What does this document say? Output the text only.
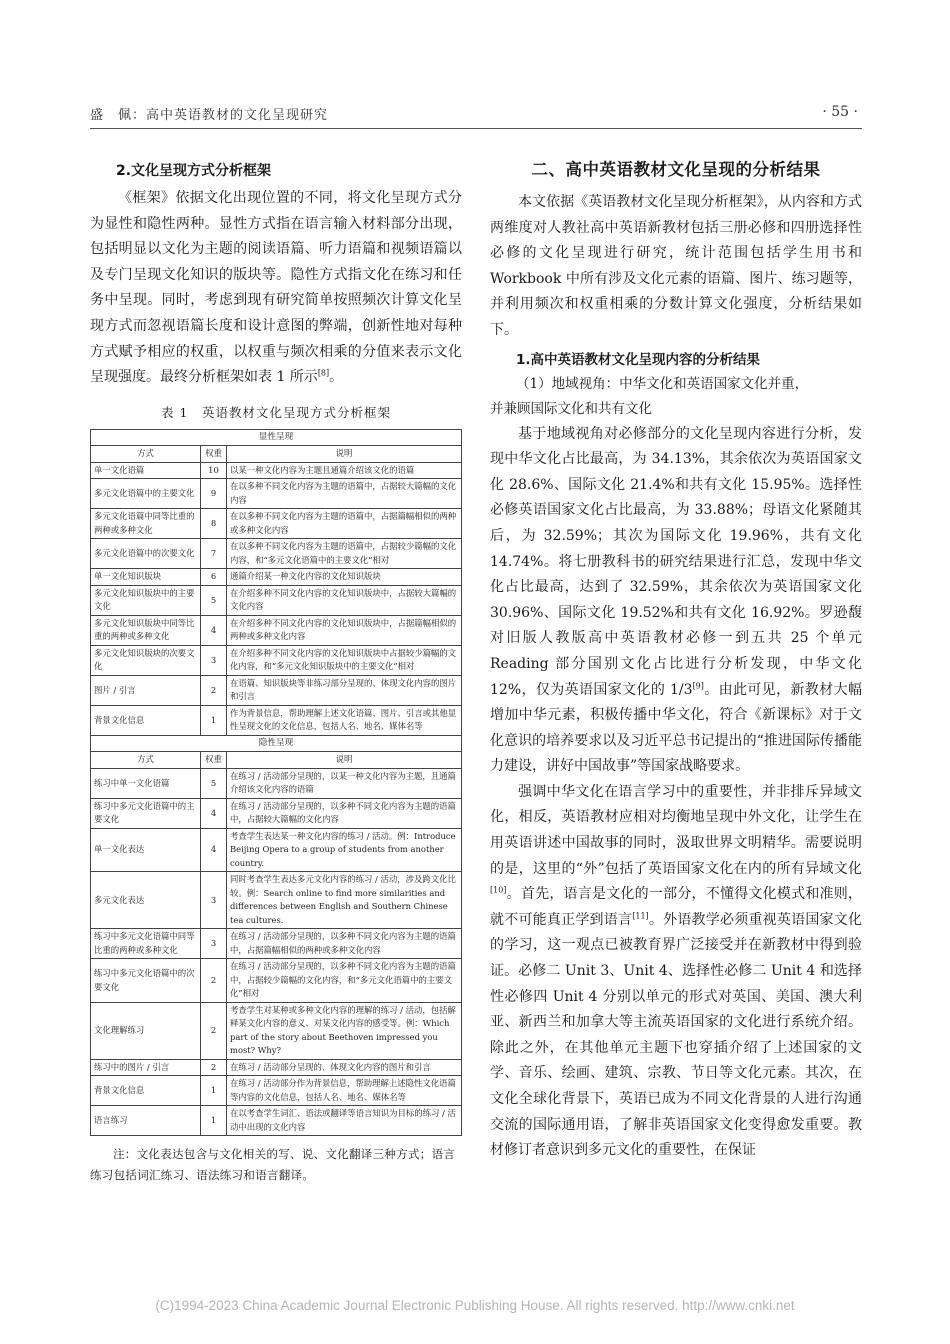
盛　佩：高中英语教材的文化呈现研究	· 55 ·
2.文化呈现方式分析框架

《框架》依据文化出现位置的不同，将文化呈现方式分为显性和隐性两种。显性方式指在语言输入材料部分出现，包括明显以文化为主题的阅读语篇、听力语篇和视频语篇以及专门呈现文化知识的版块等。隐性方式指文化在练习和任务中呈现。同时，考虑到现有研究简单按照频次计算文化呈现方式而忽视语篇长度和设计意图的弊端，创新性地对每种方式赋予相应的权重，以权重与频次相乘的分值来表示文化呈现强度。最终分析框架如表 1 所示[8]。

表 1　英语教材文化呈现方式分析框架
显性呈现		
方式	权重	说明
单一文化语篇	10	以某一种文化内容为主题且通篇介绍该文化的语篇
多元文化语篇中的主要文化	9	在以多种不同文化内容为主题的语篇中，占据较大篇幅的文化内容
多元文化语篇中同等比重的两种或多种文化	8	在以多种不同文化内容为主题的语篇中，占据篇幅相似的两种或多种文化内容
多元文化语篇中的次要文化	7	在以多种不同文化内容为主题的语篇中，占据较少篇幅的文化内容，和“多元文化语篇中的主要文化”相对
单一文化知识版块	6	通篇介绍某一种文化内容的文化知识版块
多元文化知识版块中的主要文化	5	在介绍多种不同文化内容的文化知识版块中，占据较大篇幅的文化内容
多元文化知识版块中同等比重的两种或多种文化	4	在介绍多种不同文化内容的文化知识版块中，占据篇幅相似的两种或多种文化内容
多元文化知识版块的次要文化	3	在介绍多种不同文化内容的文化知识版块中占据较少篇幅的文化内容，和“多元文化知识版块中的主要文化”相对
图片 / 引言	2	在语篇、知识版块等非练习部分呈现的、体现文化内容的图片和引言
背景文化信息	1	作为背景信息，帮助理解上述文化语篇、图片、引言或其他显性呈现文化的文化信息，包括人名、地名、媒体名等
隐性呈现		
方式	权重	说明
练习中单一文化语篇	5	在练习 / 活动部分呈现的，以某一种文化内容为主题，且通篇介绍该文化内容的语篇
练习中多元文化语篇中的主要文化	4	在练习 / 活动部分呈现的，以多种不同文化内容为主题的语篇中，占据较大篇幅的文化内容
单一文化表达	4	考查学生表达某一种文化内容的练习 / 活动。例：Introduce Beijing Opera to a group of students from another country.
多元文化表达	3	同时考查学生表达多元文化内容的练习 / 活动，涉及跨文化比较。例：Search online to find more similarities and differences between English and Southern Chinese tea cultures.
练习中多元文化语篇中同等比重的两种或多种文化	3	在练习 / 活动部分呈现的，以多种不同文化内容为主题的语篇中，占据篇幅相似的两种或多种文化内容
练习中多元文化语篇中的次要文化	2	在练习 / 活动部分呈现的，以多种不同文化内容为主题的语篇中，占据较少篇幅的文化内容，和“多元文化语篇中的主要文化”相对
文化理解练习	2	考查学生对某种或多种文化内容的理解的练习 / 活动，包括解释某文化内容的意义、对某文化内容的感受等。例：Which part of the story about Beethoven impressed you most? Why?
练习中的图片 / 引言	2	在练习 / 活动部分呈现的、体现文化内容的图片和引言
背景文化信息	1	在练习 / 活动部分作为背景信息，帮助理解上述隐性文化语篇等内容的文化信息，包括人名、地名、媒体名等
语言练习	1	在以考查学生词汇、语法或翻译等语言知识为目标的练习 / 活动中出现的文化内容
注：文化表达包含与文化相关的写、说、文化翻译三种方式；语言练习包括词汇练习、语法练习和语言翻译。
二、高中英语教材文化呈现的分析结果

本文依据《英语教材文化呈现分析框架》，从内容和方式两维度对人教社高中英语新教材包括三册必修和四册选择性必修的文化呈现进行研究，统计范围包括学生用书和 Workbook 中所有涉及文化元素的语篇、图片、练习题等，并利用频次和权重相乘的分数计算文化强度，分析结果如下。

1.高中英语教材文化呈现内容的分析结果

（1）地域视角：中华文化和英语国家文化并重，

并兼顾国际文化和共有文化

基于地域视角对必修部分的文化呈现内容进行分析，发现中华文化占比最高，为 34.13%，其余依次为英语国家文化 28.6%、国际文化 21.4%和共有文化 15.95%。选择性必修英语国家文化占比最高，为 33.88%；母语文化紧随其后，为 32.59%；其次为国际文化 19.96%，共有文化 14.74%。将七册教科书的研究结果进行汇总，发现中华文化占比最高，达到了 32.59%，其余依次为英语国家文化 30.96%、国际文化 19.52%和共有文化 16.92%。罗逊馥对旧版人教版高中英语教材必修一到五共 25 个单元 Reading 部分国别文化占比进行分析发现，中华文化 12%，仅为英语国家文化的 1/3[9]。由此可见，新教材大幅增加中华元素，积极传播中华文化，符合《新课标》对于文化意识的培养要求以及习近平总书记提出的“推进国际传播能力建设，讲好中国故事”等国家战略要求。

强调中华文化在语言学习中的重要性，并非排斥异域文化，相反，英语教材应相对均衡地呈现中外文化，让学生在用英语讲述中国故事的同时，汲取世界文明精华。需要说明的是，这里的“外”包括了英语国家文化在内的所有异域文化[10]。首先，语言是文化的一部分，不懂得文化模式和准则，就不可能真正学到语言[11]。外语教学必须重视英语国家文化的学习，这一观点已被教育界广泛接受并在新教材中得到验证。必修二 Unit 3、Unit 4、选择性必修二 Unit 4 和选择性必修四 Unit 4 分别以单元的形式对英国、美国、澳大利亚、新西兰和加拿大等主流英语国家的文化进行系统介绍。除此之外，在其他单元主题下也穿插介绍了上述国家的文学、音乐、绘画、建筑、宗教、节日等文化元素。其次，在文化全球化背景下，英语已成为不同文化背景的人进行沟通交流的国际通用语，了解非英语国家文化变得愈发重要。教材修订者意识到多元文化的重要性，在保证

(C)1994-2023 China Academic Journal Electronic Publishing House. All rights reserved. http://www.cnki.net
